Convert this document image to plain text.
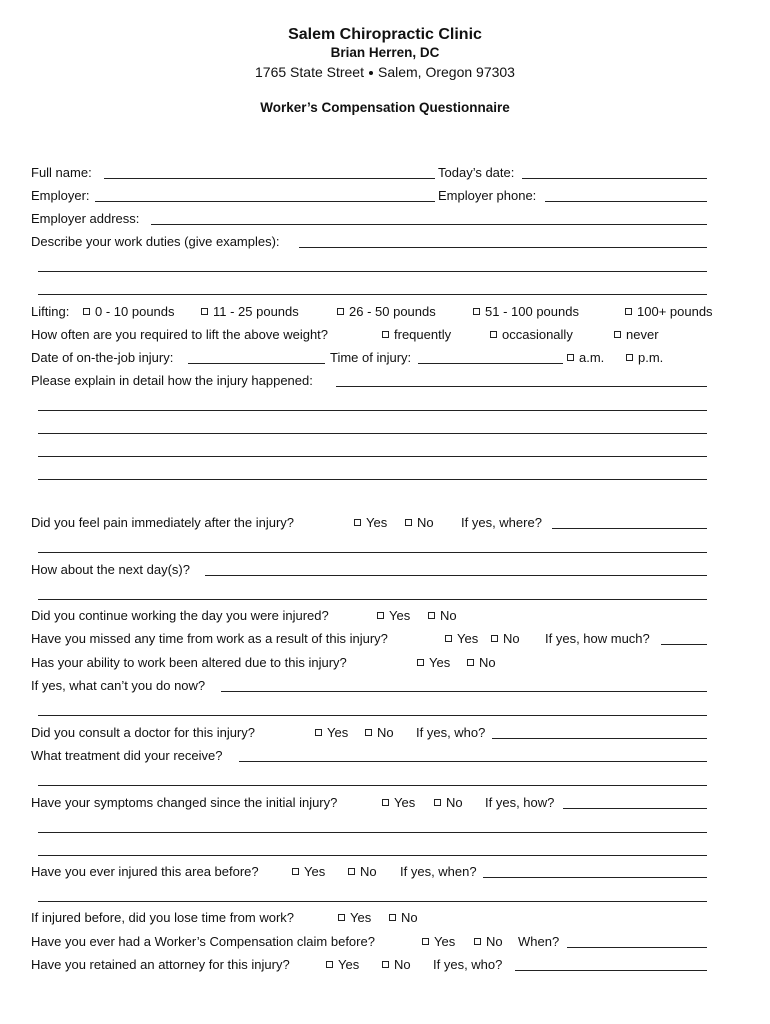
Salem Chiropractic Clinic
Brian Herren, DC
1765 State Street Salem, Oregon 97303
Worker’s Compensation Questionnaire
Full name:	Today’s date:
Employer:	Employer phone:
Employer address:
Describe your work duties (give examples):
Lifting:	0 - 10 pounds	11 - 25 pounds	26 - 50 pounds	51 - 100 pounds	100+ pounds
How often are you required to lift the above weight?	frequently	occasionally	never
Date of on-the-job injury:	Time of injury:	a.m.	p.m.
Please explain in detail how the injury happened:
Did you feel pain immediately after the injury?	Yes	No If yes, where?
How about the next day(s)?
Did you continue working the day you were injured?	Yes	No
Have you missed any time from work as a result of this injury?	Yes	No If yes, how much?
Has your ability to work been altered due to this injury?	Yes	No
If yes, what can’t you do now?
Did you consult a doctor for this injury?	Yes	No If yes, who?
What treatment did your receive?
Have your symptoms changed since the initial injury?	Yes	No If yes, how?
Have you ever injured this area before?	Yes	No If yes, when?
If injured before, did you lose time from work?	Yes	No
Have you ever had a Worker’s Compensation claim before?	Yes	No When?
Have you retained an attorney for this injury?	Yes	No If yes, who?
